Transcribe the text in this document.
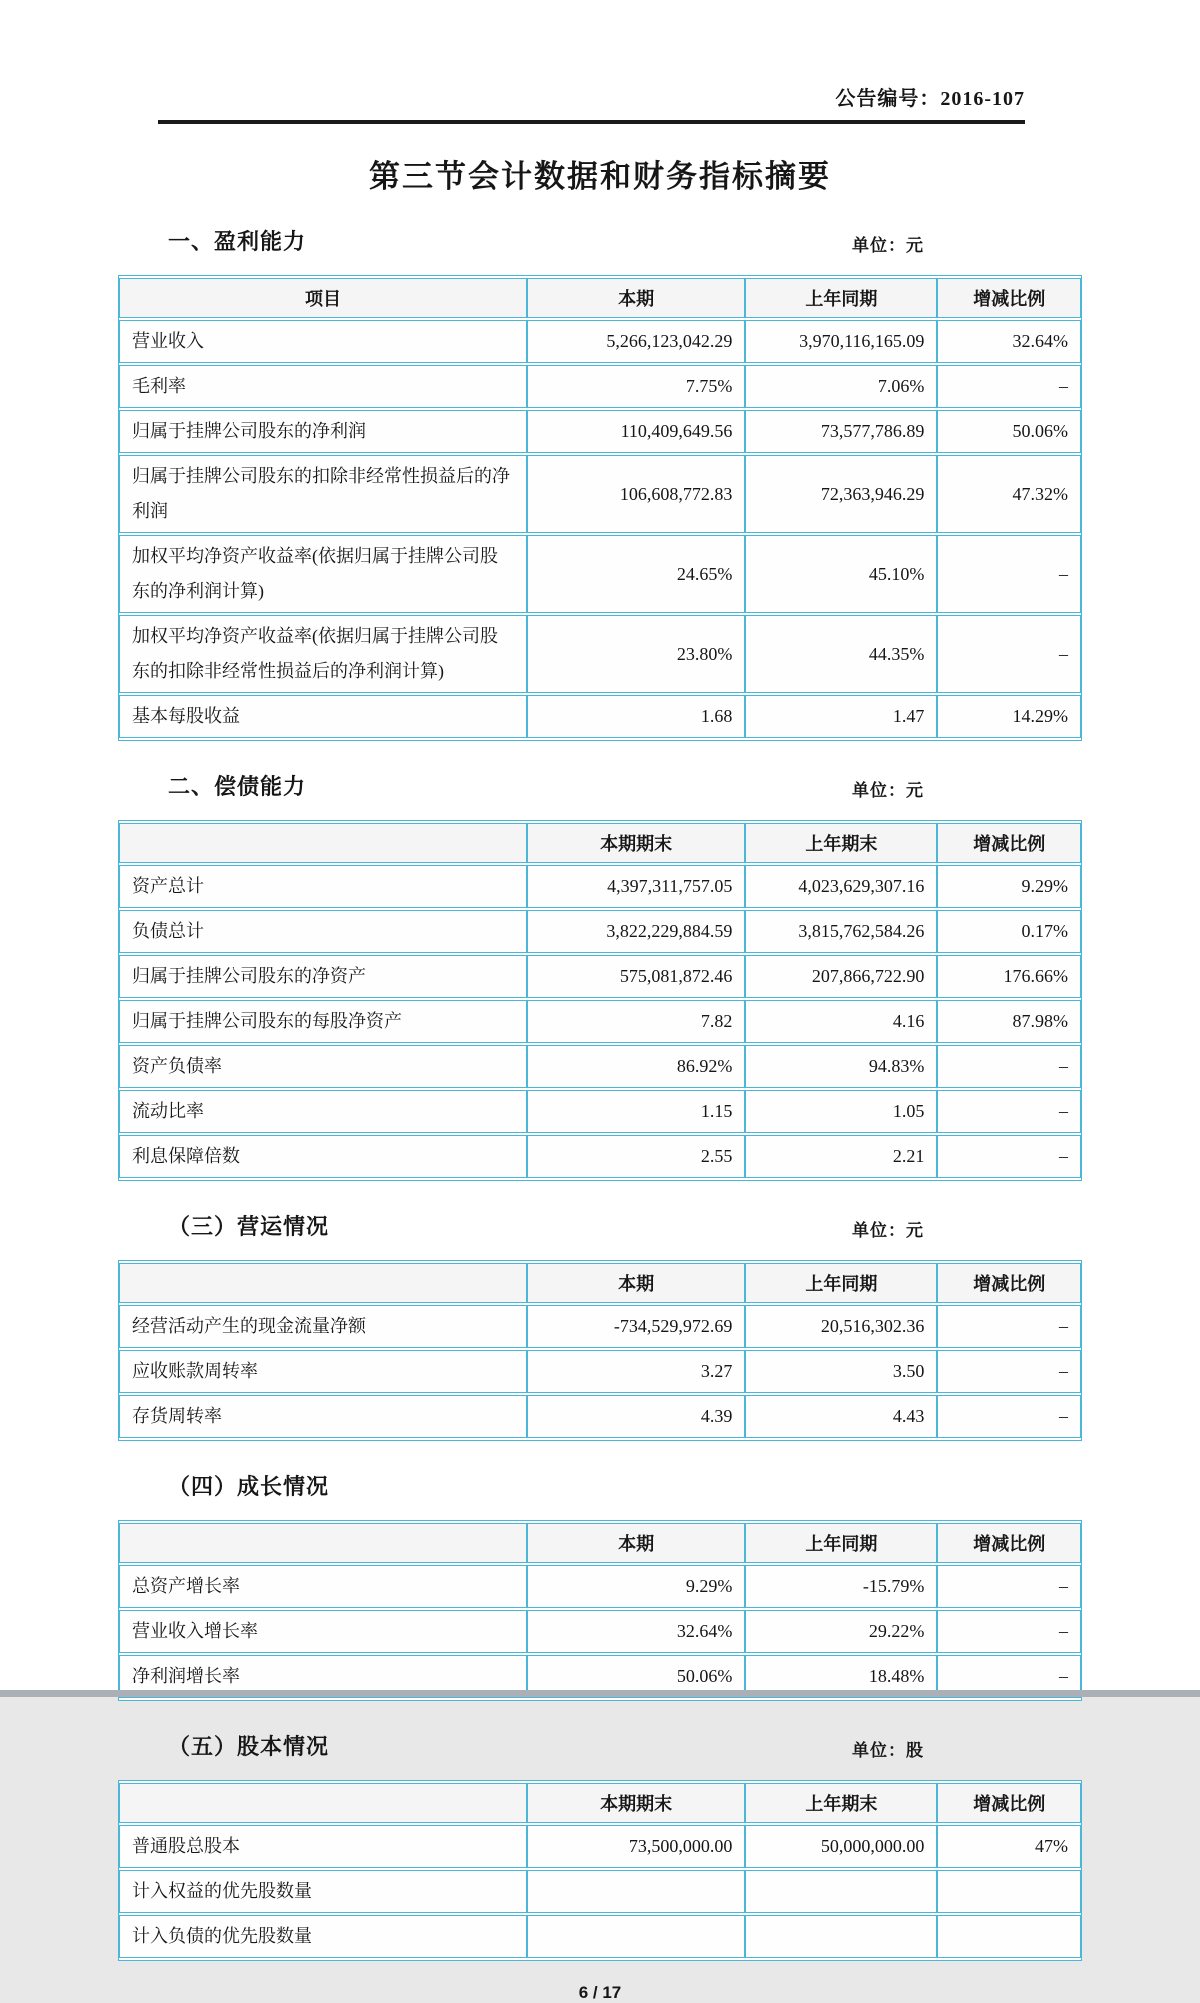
公告编号：2016-107
第三节会计数据和财务指标摘要
一、盈利能力	单位：元
项目	本期	上年同期	增减比例
营业收入	5,266,123,042.29	3,970,116,165.09	32.64%
毛利率	7.75%	7.06%	–
归属于挂牌公司股东的净利润	110,409,649.56	73,577,786.89	50.06%
归属于挂牌公司股东的扣除非经常性损益后的净利润	106,608,772.83	72,363,946.29	47.32%
加权平均净资产收益率(依据归属于挂牌公司股东的净利润计算)	24.65%	45.10%	–
加权平均净资产收益率(依据归属于挂牌公司股东的扣除非经常性损益后的净利润计算)	23.80%	44.35%	–
基本每股收益	1.68	1.47	14.29%
二、偿债能力	单位：元
	本期期末	上年期末	增减比例
资产总计	4,397,311,757.05	4,023,629,307.16	9.29%
负债总计	3,822,229,884.59	3,815,762,584.26	0.17%
归属于挂牌公司股东的净资产	575,081,872.46	207,866,722.90	176.66%
归属于挂牌公司股东的每股净资产	7.82	4.16	87.98%
资产负债率	86.92%	94.83%	–
流动比率	1.15	1.05	–
利息保障倍数	2.55	2.21	–
（三）营运情况	单位：元
	本期	上年同期	增减比例
经营活动产生的现金流量净额	-734,529,972.69	20,516,302.36	–
应收账款周转率	3.27	3.50	–
存货周转率	4.39	4.43	–
（四）成长情况
	本期	上年同期	增减比例
总资产增长率	9.29%	-15.79%	–
营业收入增长率	32.64%	29.22%	–
净利润增长率	50.06%	18.48%	–
（五）股本情况	单位：股
	本期期末	上年期末	增减比例
普通股总股本	73,500,000.00	50,000,000.00	47%
计入权益的优先股数量			
计入负债的优先股数量			
6 / 17
